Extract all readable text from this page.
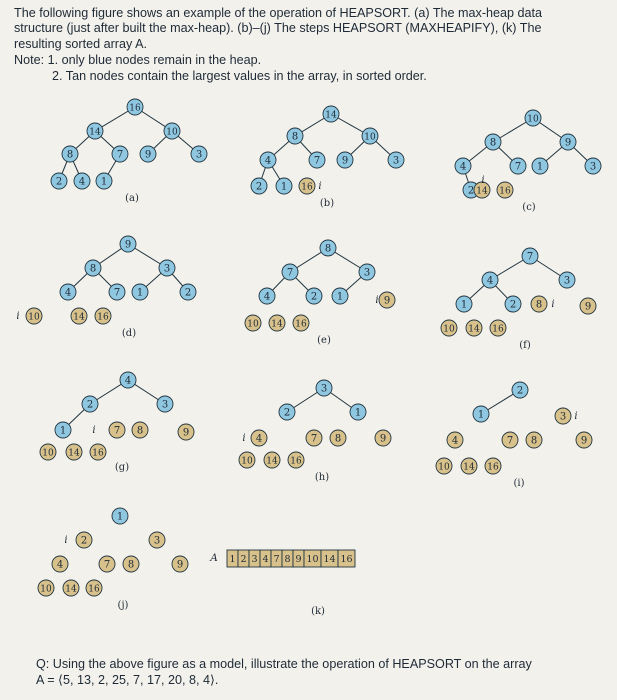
The following figure shows an example of the operation of HEAPSORT. (a) The max-heap data

structure (just after built the max-heap). (b)–(j) The steps HEAPSORT (MAXHEAPIFY), (k) The

resulting sorted array A.

Note: 1. only blue nodes remain in the heap.

2. Tan nodes contain the largest values in the array, in sorted order.

16
14	10
8	7 9	3
2 4 1
(a)
14
8	10
4	7 9	3
2 1 16 i
(b)
10
8	9
4	7 1	3
2 14 16
i
(c)
9
8	3
4	7 1	2
10	14 16
i
(d)
8
7	3
4	2 1	9
10 14 16
i
(e)
7
4	3
1	2 8	9
10 14 16
i
(f)
4
2	3
1	7 8	9
10 14 16
i
(g)
3
2	1
4	7 8	9
10 14 16
i
(h)
2
1	3
4	7 8	9
10 14 16
i
(i)
1
2	3
4	7 8	9
10 14 16
i
(j)
A 1 2 3 4 7 8 9 10 14 16
(k)

Q: Using the above figure as a model, illustrate the operation of HEAPSORT on the array

A = ⟨5, 13, 2, 25, 7, 17, 20, 8, 4⟩.
